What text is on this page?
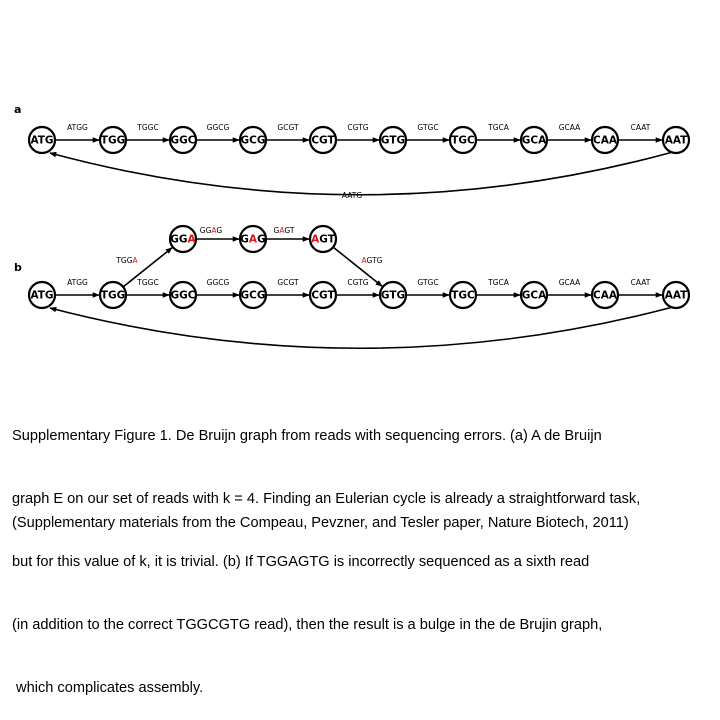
a
b
ATG	TGG	GGC	GCG	CGT	GTG	TGC	GCA	CAA	AAT
ATGG	TGGC	GGCG	GCGT	CGTG	GTGC	TGCA	GCAA	CAAT
AATG
ATG	TGG	GGC	GCG	CGT	GTG	TGC	GCA	CAA	AAT
ATGG	TGGC	GGCG	GCGT	CGTG	GTGC	TGCA	GCAA	CAAT
GGA	GAG	AGT
TGGA
GGAG	GAGT
AGTG

Supplementary Figure 1. De Bruijn graph from reads with sequencing errors. (a) A de Bruijn

graph E on our set of reads with k = 4. Finding an Eulerian cycle is already a straightforward task,

but for this value of k, it is trivial. (b) If TGGAGTG is incorrectly sequenced as a sixth read

(in addition to the correct TGGCGTG read), then the result is a bulge in the de Brujin graph,

which complicates assembly.

(Supplementary materials from the Compeau, Pevzner, and Tesler paper, Nature Biotech, 2011)
